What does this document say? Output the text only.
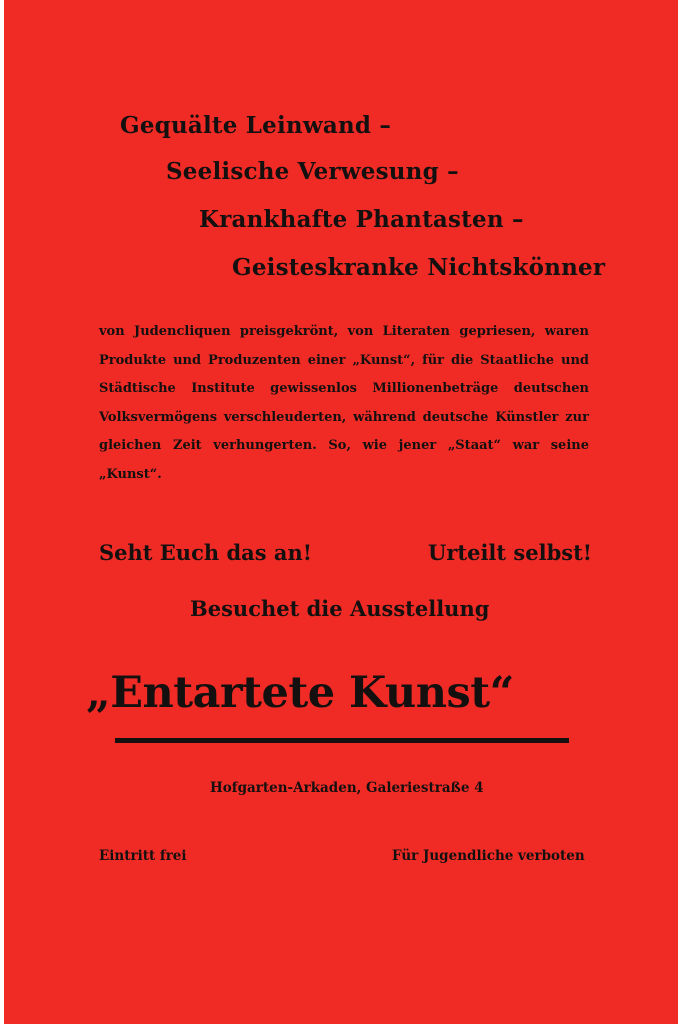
Gequälte Leinwand –
Seelische Verwesung –
Krankhafte Phantasten –
Geisteskranke Nichtskönner

von Judencliquen preisgekrönt, von Literaten gepriesen, waren Produkte und Produzenten einer „Kunst“, für die Staatliche und Städtische Institute gewissenlos Millionenbeträge deutschen Volksvermögens verschleuderten, während deutsche Künstler zur gleichen Zeit verhungerten. So, wie jener „Staat“ war seine „Kunst“.

Seht Euch das an!	Urteilt selbst!
Besuchet die Ausstellung
„Entartete Kunst“
Hofgarten-Arkaden, Galeriestraße 4
Eintritt frei	Für Jugendliche verboten
